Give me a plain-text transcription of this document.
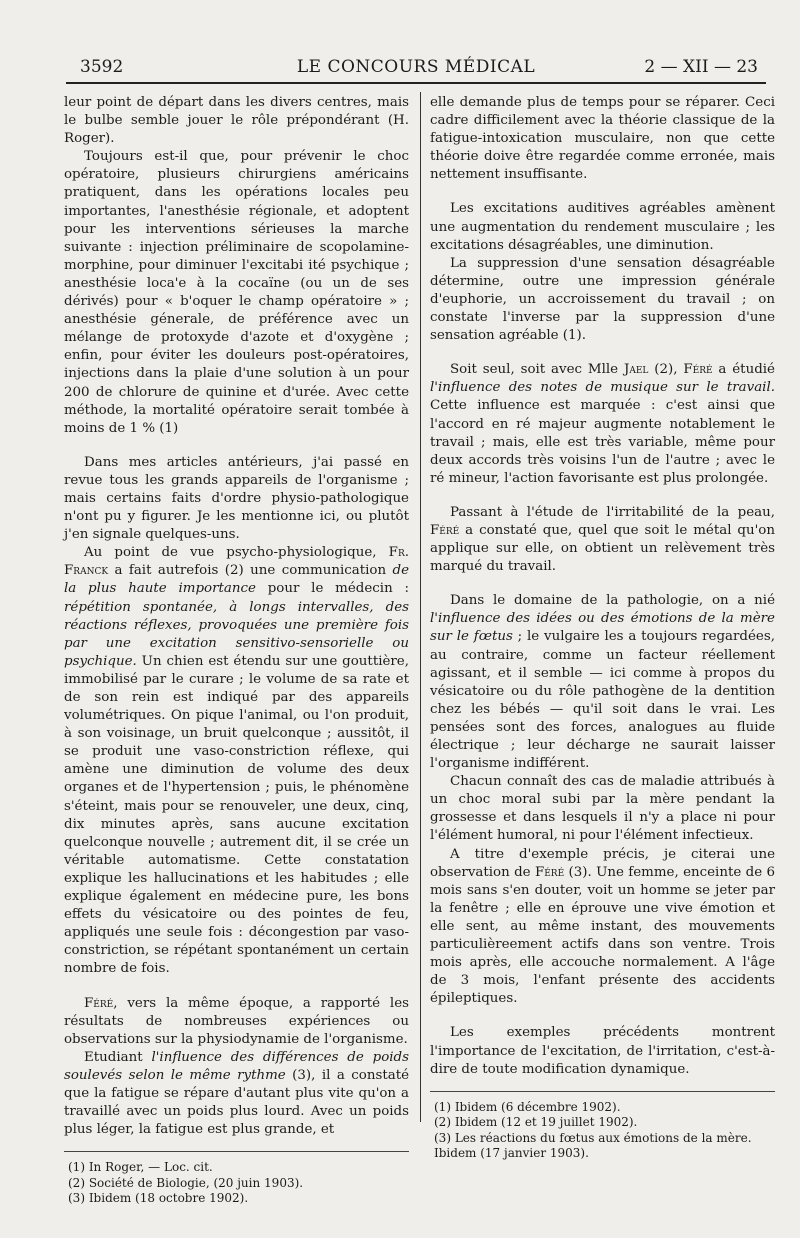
3592	LE CONCOURS MÉDICAL	2 — XII — 23

leur point de départ dans les divers centres, mais le bulbe semble jouer le rôle prépondérant (H. Roger).

Toujours est-il que, pour prévenir le choc opératoire, plusieurs chirurgiens américains pratiquent, dans les opérations locales peu importantes, l'anesthésie régionale, et adoptent pour les interventions sérieuses la marche suivante : injection préliminaire de scopolamine-morphine, pour diminuer l'excitabi ité psychique ; anesthésie loca'e à la cocaïne (ou un de ses dérivés) pour « b'oquer le champ opératoire » ; anesthésie génerale, de préférence avec un mélange de protoxyde d'azote et d'oxygène ; enfin, pour éviter les douleurs post-opératoires, injections dans la plaie d'une solution à un pour 200 de chlorure de quinine et d'urée. Avec cette méthode, la mortalité opératoire serait tombée à moins de 1 % (1)

Dans mes articles antérieurs, j'ai passé en revue tous les grands appareils de l'organisme ; mais certains faits d'ordre physio-pathologique n'ont pu y figurer. Je les mentionne ici, ou plutôt j'en signale quelques-uns.

Au point de vue psycho-physiologique, Fr. Franck a fait autrefois (2) une communication de la plus haute importance pour le médecin : répétition spontanée, à longs intervalles, des réactions réflexes, provoquées une première fois par une excitation sensitivo-sensorielle ou psychique. Un chien est étendu sur une gouttière, immobilisé par le curare ; le volume de sa rate et de son rein est indiqué par des appareils volumétriques. On pique l'animal, ou l'on produit, à son voisinage, un bruit quelconque ; aussitôt, il se produit une vaso-constriction réflexe, qui amène une diminution de volume des deux organes et de l'hypertension ; puis, le phénomène s'éteint, mais pour se renouveler, une deux, cinq, dix minutes après, sans aucune excitation quelconque nouvelle ; autrement dit, il se crée un véritable automatisme. Cette constatation explique les hallucinations et les habitudes ; elle explique également en médecine pure, les bons effets du vésicatoire ou des pointes de feu, appliqués une seule fois : décongestion par vaso-constriction, se répétant spontanément un certain nombre de fois.

Féré, vers la même époque, a rapporté les résultats de nombreuses expériences ou observations sur la physiodynamie de l'organisme.

Etudiant l'influence des différences de poids soulevés selon le même rythme (3), il a constaté que la fatigue se répare d'autant plus vite qu'on a travaillé avec un poids plus lourd. Avec un poids plus léger, la fatigue est plus grande, et

(1) In Roger, — Loc. cit.
(2) Société de Biologie, (20 juin 1903).
(3) Ibidem (18 octobre 1902).

elle demande plus de temps pour se réparer. Ceci cadre difficilement avec la théorie classique de la fatigue-intoxication musculaire, non que cette théorie doive être regardée comme erronée, mais nettement insuffisante.

Les excitations auditives agréables amènent une augmentation du rendement musculaire ; les excitations désagréables, une diminution.

La suppression d'une sensation désagréable détermine, outre une impression générale d'euphorie, un accroissement du travail ; on constate l'inverse par la suppression d'une sensation agréable (1).

Soit seul, soit avec Mlle Jael (2), Féré a étudié l'influence des notes de musique sur le travail. Cette influence est marquée : c'est ainsi que l'accord en ré majeur augmente notablement le travail ; mais, elle est très variable, même pour deux accords très voisins l'un de l'autre ; avec le ré mineur, l'action favorisante est plus prolongée.

Passant à l'étude de l'irritabilité de la peau, Féré a constaté que, quel que soit le métal qu'on applique sur elle, on obtient un relèvement très marqué du travail.

Dans le domaine de la pathologie, on a nié l'influence des idées ou des émotions de la mère sur le fœtus ; le vulgaire les a toujours regardées, au contraire, comme un facteur réellement agissant, et il semble — ici comme à propos du vésicatoire ou du rôle pathogène de la dentition chez les bébés — qu'il soit dans le vrai. Les pensées sont des forces, analogues au fluide électrique ; leur décharge ne saurait laisser l'organisme indifférent.

Chacun connaît des cas de maladie attribués à un choc moral subi par la mère pendant la grossesse et dans lesquels il n'y a place ni pour l'élément humoral, ni pour l'élément infectieux.

A titre d'exemple précis, je citerai une observation de Féré (3). Une femme, enceinte de 6 mois sans s'en douter, voit un homme se jeter par la fenêtre ; elle en éprouve une vive émotion et elle sent, au même instant, des mouvements particulièreement actifs dans son ventre. Trois mois après, elle accouche normalement. A l'âge de 3 mois, l'enfant présente des accidents épileptiques.

Les exemples précédents montrent l'importance de l'excitation, de l'irritation, c'est-à-dire de toute modification dynamique.

(1) Ibidem (6 décembre 1902).
(2) Ibidem (12 et 19 juillet 1902).
(3) Les réactions du fœtus aux émotions de la mère. Ibidem (17 janvier 1903).
